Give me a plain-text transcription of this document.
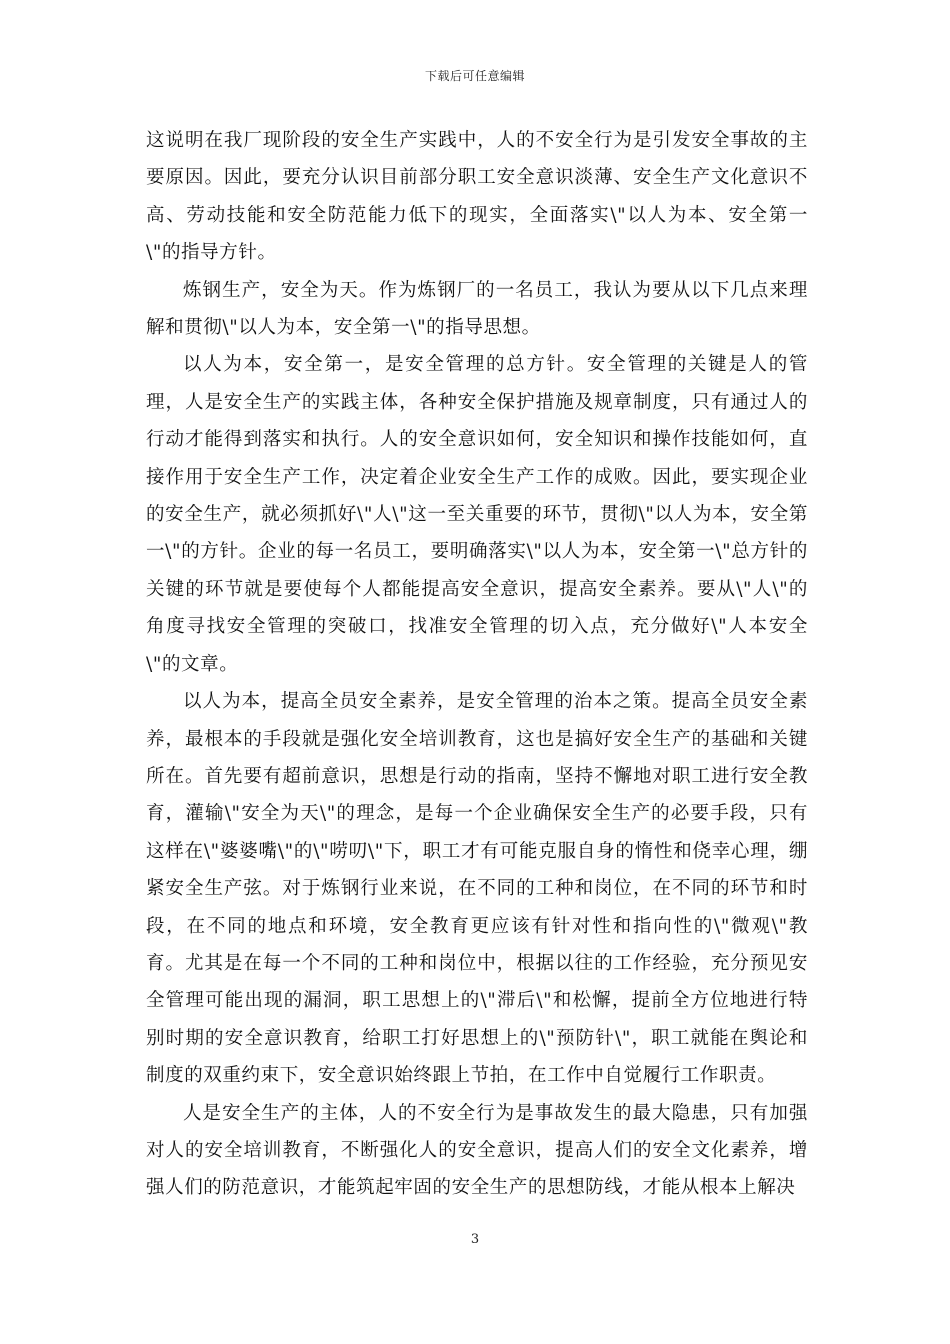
下载后可任意编辑

这说明在我厂现阶段的安全生产实践中，人的不安全行为是引发安全事故的主要原因。因此，要充分认识目前部分职工安全意识淡薄、安全生产文化意识不高、劳动技能和安全防范能力低下的现实，全面落实\"以人为本、安全第一\"的指导方针。

炼钢生产，安全为天。作为炼钢厂的一名员工，我认为要从以下几点来理解和贯彻\"以人为本，安全第一\"的指导思想。

以人为本，安全第一，是安全管理的总方针。安全管理的关键是人的管理，人是安全生产的实践主体，各种安全保护措施及规章制度，只有通过人的行动才能得到落实和执行。人的安全意识如何，安全知识和操作技能如何，直接作用于安全生产工作，决定着企业安全生产工作的成败。因此，要实现企业的安全生产，就必须抓好\"人\"这一至关重要的环节，贯彻\"以人为本，安全第一\"的方针。企业的每一名员工，要明确落实\"以人为本，安全第一\"总方针的关键的环节就是要使每个人都能提高安全意识，提高安全素养。要从\"人\"的角度寻找安全管理的突破口，找准安全管理的切入点，充分做好\"人本安全\"的文章。

以人为本，提高全员安全素养，是安全管理的治本之策。提高全员安全素养，最根本的手段就是强化安全培训教育，这也是搞好安全生产的基础和关键所在。首先要有超前意识，思想是行动的指南，坚持不懈地对职工进行安全教育，灌输\"安全为天\"的理念，是每一个企业确保安全生产的必要手段，只有这样在\"婆婆嘴\"的\"唠叨\"下，职工才有可能克服自身的惰性和侥幸心理，绷紧安全生产弦。对于炼钢行业来说，在不同的工种和岗位，在不同的环节和时段，在不同的地点和环境，安全教育更应该有针对性和指向性的\"微观\"教育。尤其是在每一个不同的工种和岗位中，根据以往的工作经验，充分预见安全管理可能出现的漏洞，职工思想上的\"滞后\"和松懈，提前全方位地进行特别时期的安全意识教育，给职工打好思想上的\"预防针\"，职工就能在舆论和制度的双重约束下，安全意识始终跟上节拍，在工作中自觉履行工作职责。

人是安全生产的主体，人的不安全行为是事故发生的最大隐患，只有加强对人的安全培训教育，不断强化人的安全意识，提高人们的安全文化素养，增强人们的防范意识，才能筑起牢固的安全生产的思想防线，才能从根本上解决

3
